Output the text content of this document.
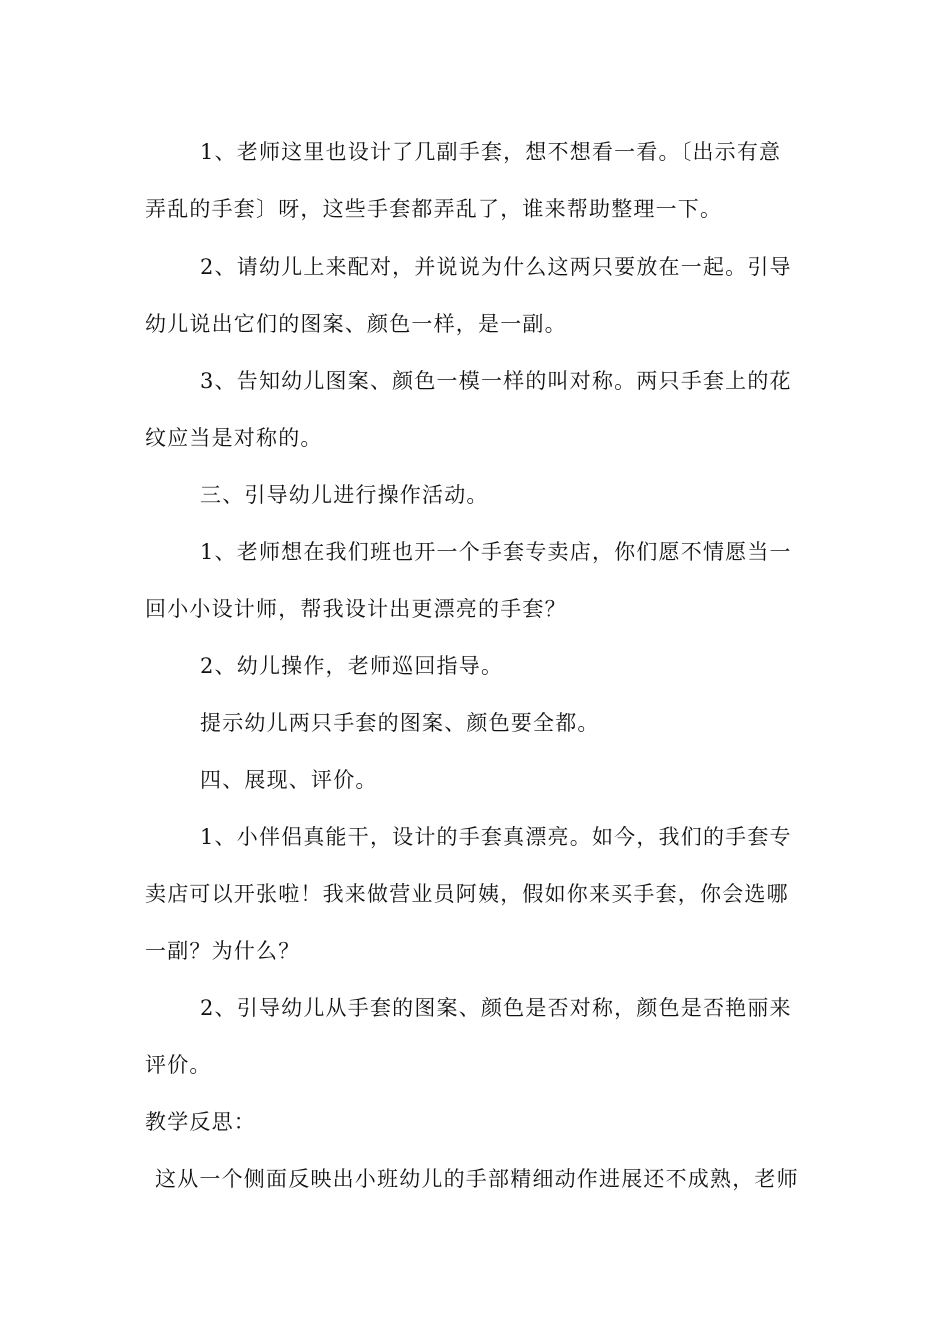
1、老师这里也设计了几副手套，想不想看一看。〔出示有意
弄乱的手套〕呀，这些手套都弄乱了，谁来帮助整理一下。
2、请幼儿上来配对，并说说为什么这两只要放在一起。引导
幼儿说出它们的图案、颜色一样，是一副。
3、告知幼儿图案、颜色一模一样的叫对称。两只手套上的花
纹应当是对称的。
三、引导幼儿进行操作活动。
1、老师想在我们班也开一个手套专卖店，你们愿不情愿当一
回小小设计师，帮我设计出更漂亮的手套？
2、幼儿操作，老师巡回指导。
提示幼儿两只手套的图案、颜色要全都。
四、展现、评价。
1、小伴侣真能干，设计的手套真漂亮。如今，我们的手套专
卖店可以开张啦！我来做营业员阿姨，假如你来买手套，你会选哪
一副？为什么？
2、引导幼儿从手套的图案、颜色是否对称，颜色是否艳丽来
评价。
教学反思：
这从一个侧面反映出小班幼儿的手部精细动作进展还不成熟，老师
